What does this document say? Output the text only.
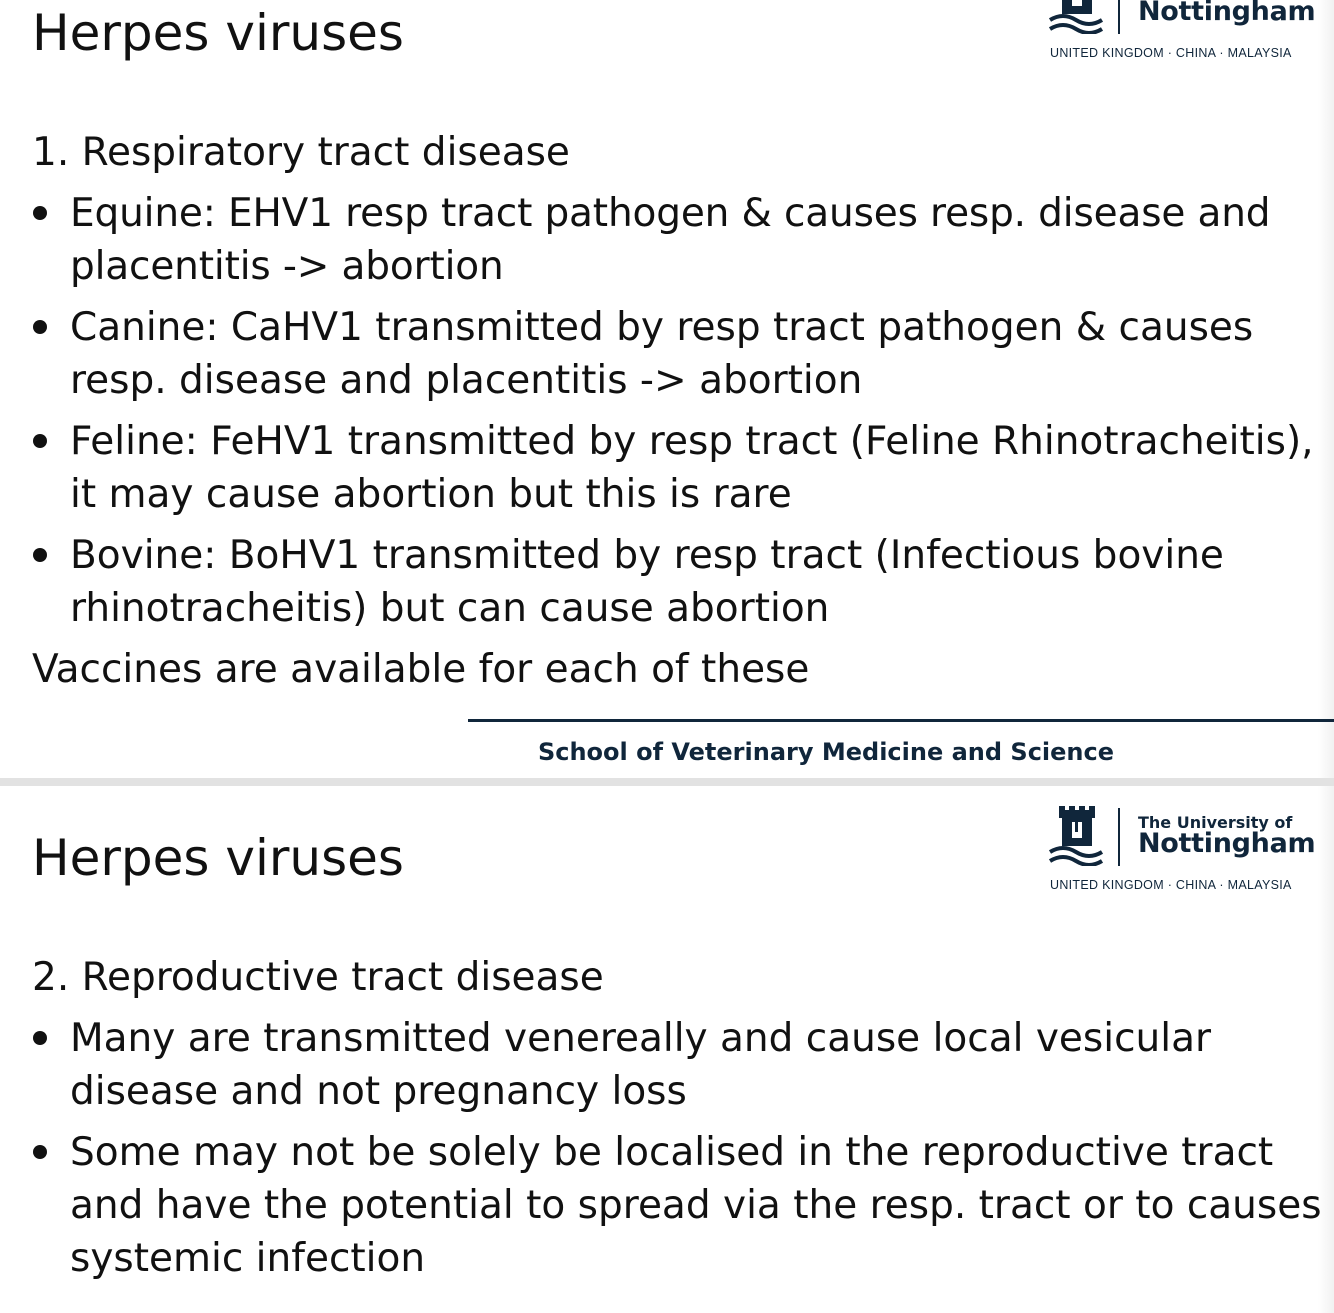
Herpes viruses	Nottingham
UNITED KINGDOM · CHINA · MALAYSIA

1. Respiratory tract disease

Equine: EHV1 resp tract pathogen & causes resp. disease and placentitis -> abortion
Canine: CaHV1 transmitted by resp tract pathogen & causes resp. disease and placentitis -> abortion
Feline: FeHV1 transmitted by resp tract (Feline Rhinotracheitis), it may cause abortion but this is rare
Bovine: BoHV1 transmitted by resp tract (Infectious bovine rhinotracheitis) but can cause abortion

Vaccines are available for each of these

School of Veterinary Medicine and Science
Herpes viruses
The University of
Nottingham
UNITED KINGDOM · CHINA · MALAYSIA

2. Reproductive tract disease

Many are transmitted venereally and cause local vesicular disease and not pregnancy loss
Some may not be solely be localised in the reproductive tract and have the potential to spread via the resp. tract or to causes systemic infection
